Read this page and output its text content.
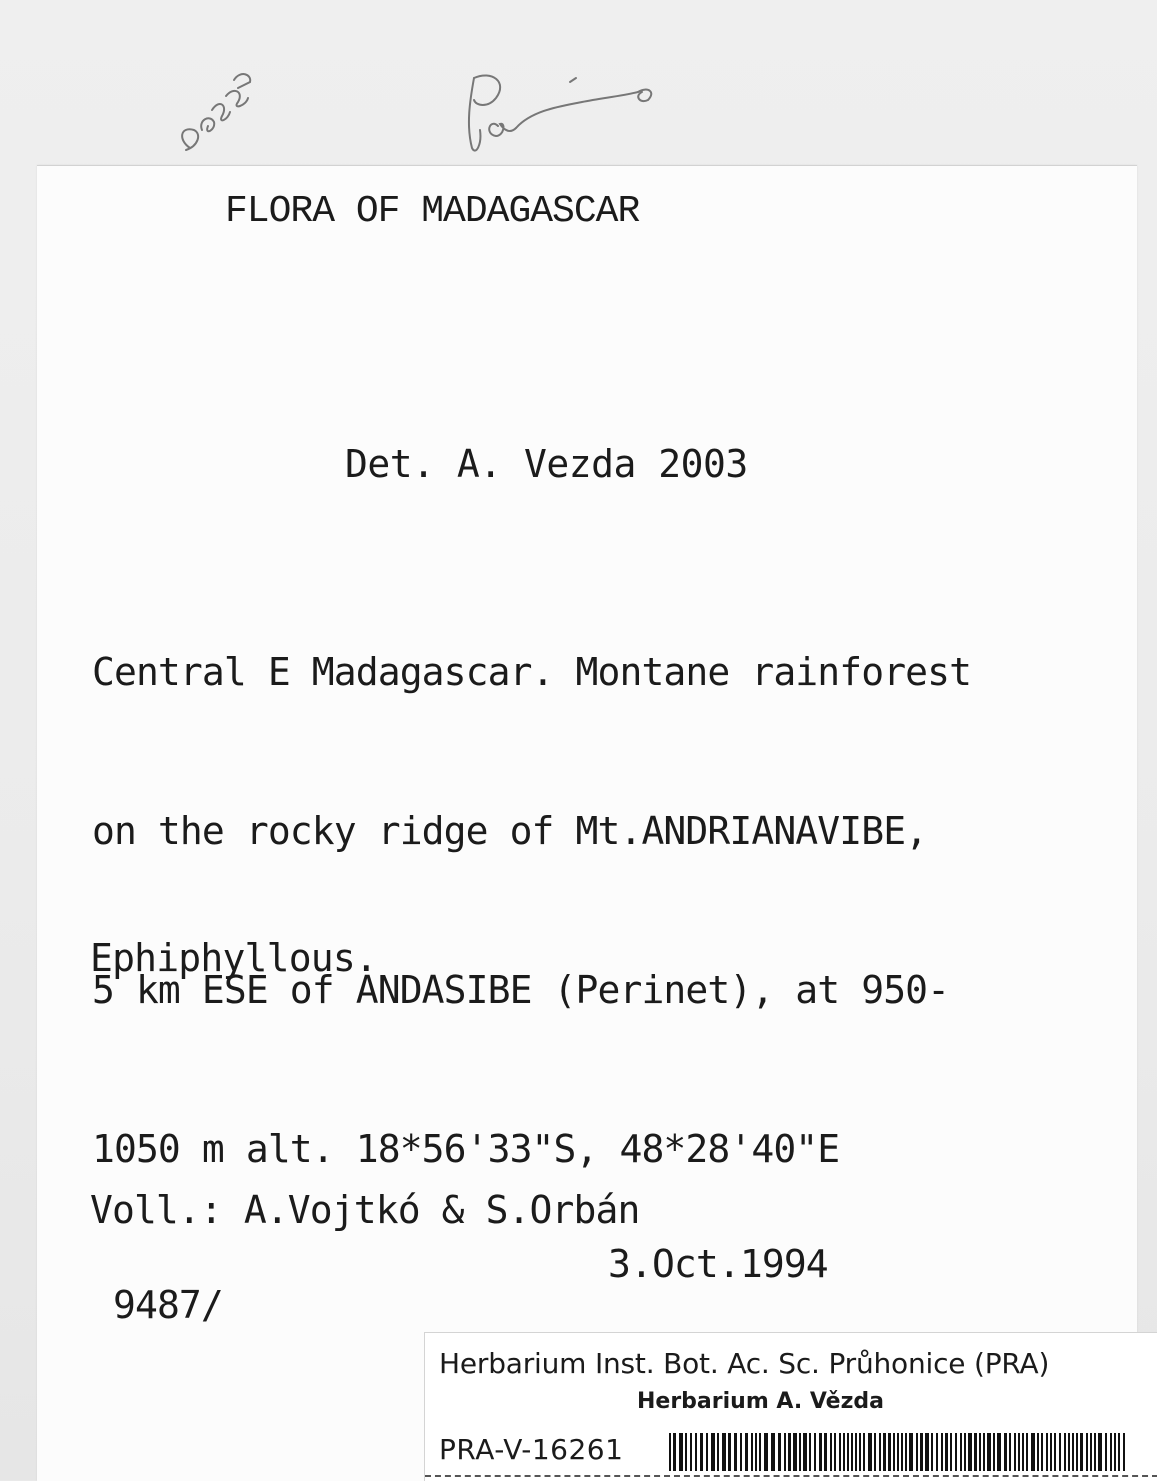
FLORA OF MADAGASCAR

Det. A. Vezda 2003

Central E Madagascar. Montane rainforest

on the rocky ridge of Mt.ANDRIANAVIBE,

5 km ESE of ANDASIBE (Perinet), at 950-

1050 m alt. 18*56'33"S, 48*28'40"E

Ephiphyllous.

Voll.: A.Vojtkó & S.Orbán

3.Oct.1994

9487/

Herbarium Inst. Bot. Ac. Sc. Průhonice (PRA)
Herbarium A. Vězda
PRA-V-16261
